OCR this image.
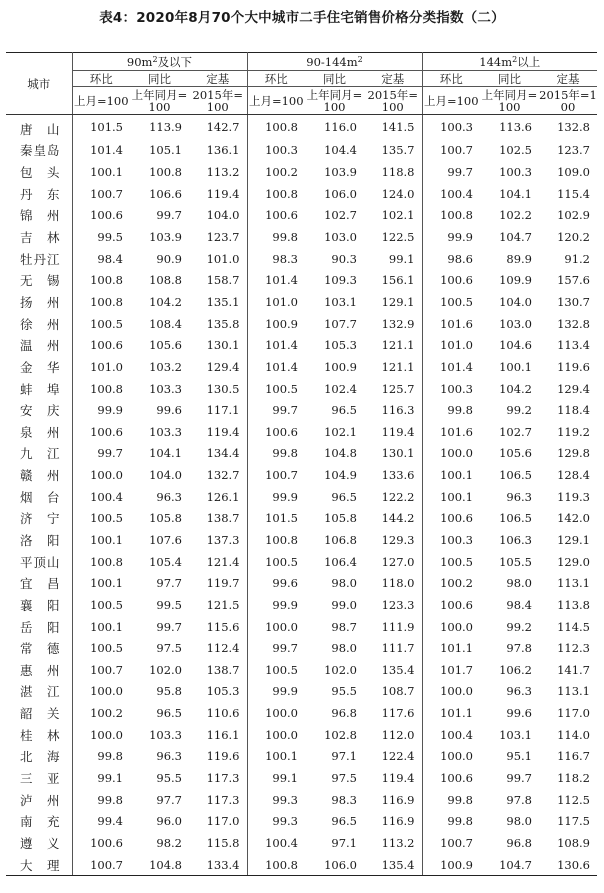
表4：2020年8月70个大中城市二手住宅销售价格分类指数（二）
城市	$90m^2$及以下			$90-144m^2$			$144m^2$以上		
	环比	同比	定基	环比	同比	定基	环比	同比	定基
	上月=100	上年同月=100	2015年=100	上月=100	上年同月=100	2015年=100	上月=100	上年同月=100	2015年=100
唐　山	101.5	113.9	142.7	100.8	116.0	141.5	100.3	113.6	132.8
秦皇岛	101.4	105.1	136.1	100.3	104.4	135.7	100.7	102.5	123.7
包　头	100.1	100.8	113.2	100.2	103.9	118.8	99.7	100.3	109.0
丹　东	100.7	106.6	119.4	100.8	106.0	124.0	100.4	104.1	115.4
锦　州	100.6	99.7	104.0	100.6	102.7	102.1	100.8	102.2	102.9
吉　林	99.5	103.9	123.7	99.8	103.0	122.5	99.9	104.7	120.2
牡丹江	98.4	90.9	101.0	98.3	90.3	99.1	98.6	89.9	91.2
无　锡	100.8	108.8	158.7	101.4	109.3	156.1	100.6	109.9	157.6
扬　州	100.8	104.2	135.1	101.0	103.1	129.1	100.5	104.0	130.7
徐　州	100.5	108.4	135.8	100.9	107.7	132.9	101.6	103.0	132.8
温　州	100.6	105.6	130.1	101.4	105.3	121.1	101.0	104.6	113.4
金　华	101.0	103.2	129.4	101.4	100.9	121.1	101.4	100.1	119.6
蚌　埠	100.8	103.3	130.5	100.5	102.4	125.7	100.3	104.2	129.4
安　庆	99.9	99.6	117.1	99.7	96.5	116.3	99.8	99.2	118.4
泉　州	100.6	103.3	119.4	100.6	102.1	119.4	101.6	102.7	119.2
九　江	99.7	104.1	134.4	99.8	104.8	130.1	100.0	105.6	129.8
赣　州	100.0	104.0	132.7	100.7	104.9	133.6	100.1	106.5	128.4
烟　台	100.4	96.3	126.1	99.9	96.5	122.2	100.1	96.3	119.3
济　宁	100.5	105.8	138.7	101.5	105.8	144.2	100.6	106.5	142.0
洛　阳	100.1	107.6	137.3	100.8	106.8	129.3	100.3	106.3	129.1
平顶山	100.8	105.4	121.4	100.5	106.4	127.0	100.5	105.5	129.0
宜　昌	100.1	97.7	119.7	99.6	98.0	118.0	100.2	98.0	113.1
襄　阳	100.5	99.5	121.5	99.9	99.0	123.3	100.6	98.4	113.8
岳　阳	100.1	99.7	115.6	100.0	98.7	111.9	100.0	99.2	114.5
常　德	100.5	97.5	112.4	99.7	98.0	111.7	101.1	97.8	112.3
惠　州	100.7	102.0	138.7	100.5	102.0	135.4	101.7	106.2	141.7
湛　江	100.0	95.8	105.3	99.9	95.5	108.7	100.0	96.3	113.1
韶　关	100.2	96.5	110.6	100.0	96.8	117.6	101.1	99.6	117.0
桂　林	100.0	103.3	116.1	100.0	102.8	112.0	100.4	103.1	114.0
北　海	99.8	96.3	119.6	100.1	97.1	122.4	100.0	95.1	116.7
三　亚	99.1	95.5	117.3	99.1	97.5	119.4	100.6	99.7	118.2
泸　州	99.8	97.7	117.3	99.3	98.3	116.9	99.8	97.8	112.5
南　充	99.4	96.0	117.0	99.3	96.5	116.9	99.8	98.0	117.5
遵　义	100.6	98.2	115.8	100.4	97.1	113.2	100.7	96.8	108.9
大　理	100.7	104.8	133.4	100.8	106.0	135.4	100.9	104.7	130.6
